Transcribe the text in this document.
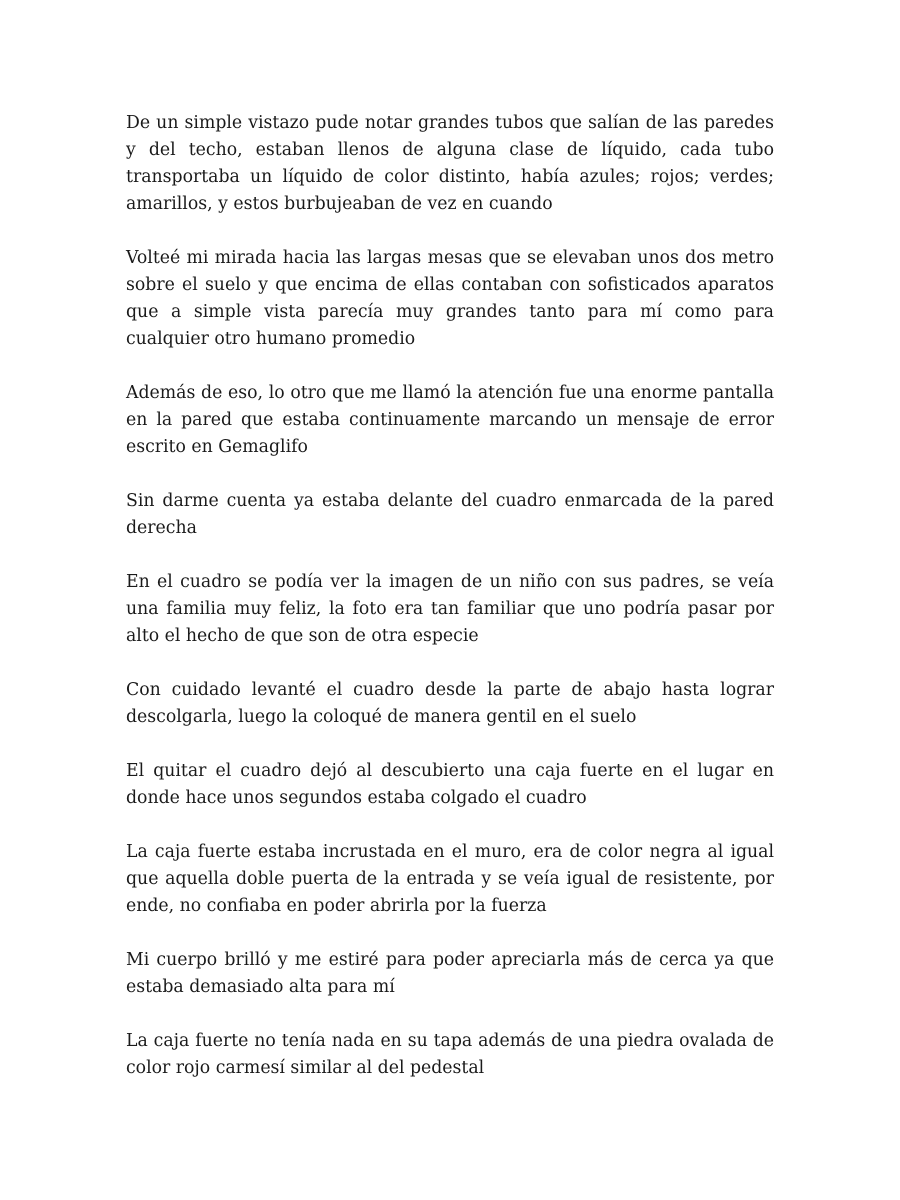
De un simple vistazo pude notar grandes tubos que salían de las paredes y del techo, estaban llenos de alguna clase de líquido, cada tubo transportaba un líquido de color distinto, había azules; rojos; verdes; amarillos, y estos burbujeaban de vez en cuando

Volteé mi mirada hacia las largas mesas que se elevaban unos dos metro sobre el suelo y que encima de ellas contaban con sofisticados aparatos que a simple vista parecía muy grandes tanto para mí como para cualquier otro humano promedio

Además de eso, lo otro que me llamó la atención fue una enorme pantalla en la pared que estaba continuamente marcando un mensaje de error escrito en Gemaglifo

Sin darme cuenta ya estaba delante del cuadro enmarcada de la pared derecha

En el cuadro se podía ver la imagen de un niño con sus padres, se veía una familia muy feliz, la foto era tan familiar que uno podría pasar por alto el hecho de que son de otra especie

Con cuidado levanté el cuadro desde la parte de abajo hasta lograr descolgarla, luego la coloqué de manera gentil en el suelo

El quitar el cuadro dejó al descubierto una caja fuerte en el lugar en donde hace unos segundos estaba colgado el cuadro

La caja fuerte estaba incrustada en el muro, era de color negra al igual que aquella doble puerta de la entrada y se veía igual de resistente, por ende, no confiaba en poder abrirla por la fuerza

Mi cuerpo brilló y me estiré para poder apreciarla más de cerca ya que estaba demasiado alta para mí

La caja fuerte no tenía nada en su tapa además de una piedra ovalada de color rojo carmesí similar al del pedestal
